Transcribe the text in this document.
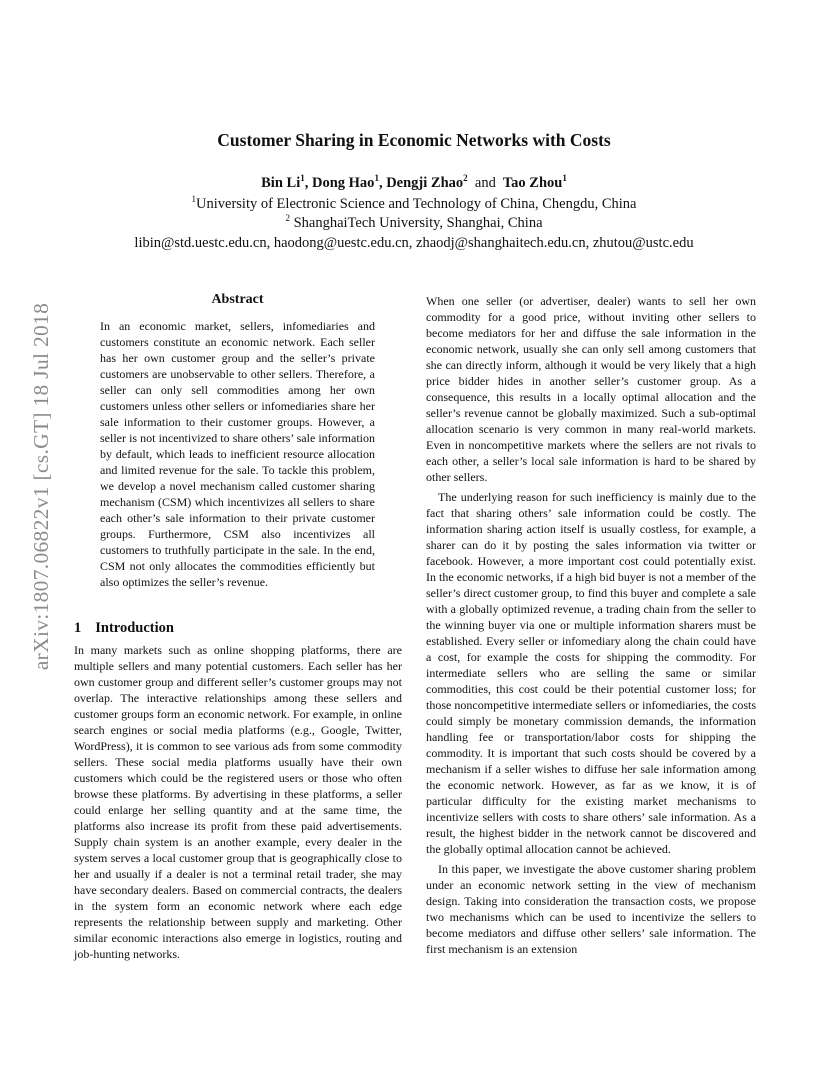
arXiv:1807.06822v1 [cs.GT] 18 Jul 2018
Customer Sharing in Economic Networks with Costs
Bin Li$^1$, Dong Hao$^1$, Dengji Zhao$^2$ and Tao Zhou$^1$
$^1$University of Electronic Science and Technology of China, Chengdu, China
$^2$ ShanghaiTech University, Shanghai, China
libin@std.uestc.edu.cn, haodong@uestc.edu.cn, zhaodj@shanghaitech.edu.cn, zhutou@ustc.edu
Abstract

In an economic market, sellers, infomediaries and customers constitute an economic network. Each seller has her own customer group and the seller’s private customers are unobservable to other sellers. Therefore, a seller can only sell commodities among her own customers unless other sellers or infomediaries share her sale information to their customer groups. However, a seller is not incentivized to share others’ sale information by default, which leads to inefficient resource allocation and limited revenue for the sale. To tackle this problem, we develop a novel mechanism called customer sharing mechanism (CSM) which incentivizes all sellers to share each other’s sale information to their private customer groups. Furthermore, CSM also incentivizes all customers to truthfully participate in the sale. In the end, CSM not only allocates the commodities efficiently but also optimizes the seller’s revenue.

1 Introduction

In many markets such as online shopping platforms, there are multiple sellers and many potential customers. Each seller has her own customer group and different seller’s customer groups may not overlap. The interactive relationships among these sellers and customer groups form an economic network. For example, in online search engines or social media platforms (e.g., Google, Twitter, WordPress), it is common to see various ads from some commodity sellers. These social media platforms usually have their own customers which could be the registered users or those who often browse these platforms. By advertising in these platforms, a seller could enlarge her selling quantity and at the same time, the platforms also increase its profit from these paid advertisements. Supply chain system is an another example, every dealer in the system serves a local customer group that is geographically close to her and usually if a dealer is not a terminal retail trader, she may have secondary dealers. Based on commercial contracts, the dealers in the system form an economic network where each edge represents the relationship between supply and marketing. Other similar economic interactions also emerge in logistics, routing and job-hunting networks.

When one seller (or advertiser, dealer) wants to sell her own commodity for a good price, without inviting other sellers to become mediators for her and diffuse the sale information in the economic network, usually she can only sell among customers that she can directly inform, although it would be very likely that a high price bidder hides in another seller’s customer group. As a consequence, this results in a locally optimal allocation and the seller’s revenue cannot be globally maximized. Such a sub-optimal allocation scenario is very common in many real-world markets. Even in noncompetitive markets where the sellers are not rivals to each other, a seller’s local sale information is hard to be shared by other sellers.

The underlying reason for such inefficiency is mainly due to the fact that sharing others’ sale information could be costly. The information sharing action itself is usually costless, for example, a sharer can do it by posting the sales information via twitter or facebook. However, a more important cost could potentially exist. In the economic networks, if a high bid buyer is not a member of the seller’s direct customer group, to find this buyer and complete a sale with a globally optimized revenue, a trading chain from the seller to the winning buyer via one or multiple information sharers must be established. Every seller or infomediary along the chain could have a cost, for example the costs for shipping the commodity. For intermediate sellers who are selling the same or similar commodities, this cost could be their potential customer loss; for those noncompetitive intermediate sellers or infomediaries, the costs could simply be monetary commission demands, the information handling fee or transportation/labor costs for shipping the commodity. It is important that such costs should be covered by a mechanism if a seller wishes to diffuse her sale information among the economic network. However, as far as we know, it is of particular difficulty for the existing market mechanisms to incentivize sellers with costs to share others’ sale information. As a result, the highest bidder in the network cannot be discovered and the globally optimal allocation cannot be achieved.

In this paper, we investigate the above customer sharing problem under an economic network setting in the view of mechanism design. Taking into consideration the transaction costs, we propose two mechanisms which can be used to incentivize the sellers to become mediators and diffuse other sellers’ sale information. The first mechanism is an extension
